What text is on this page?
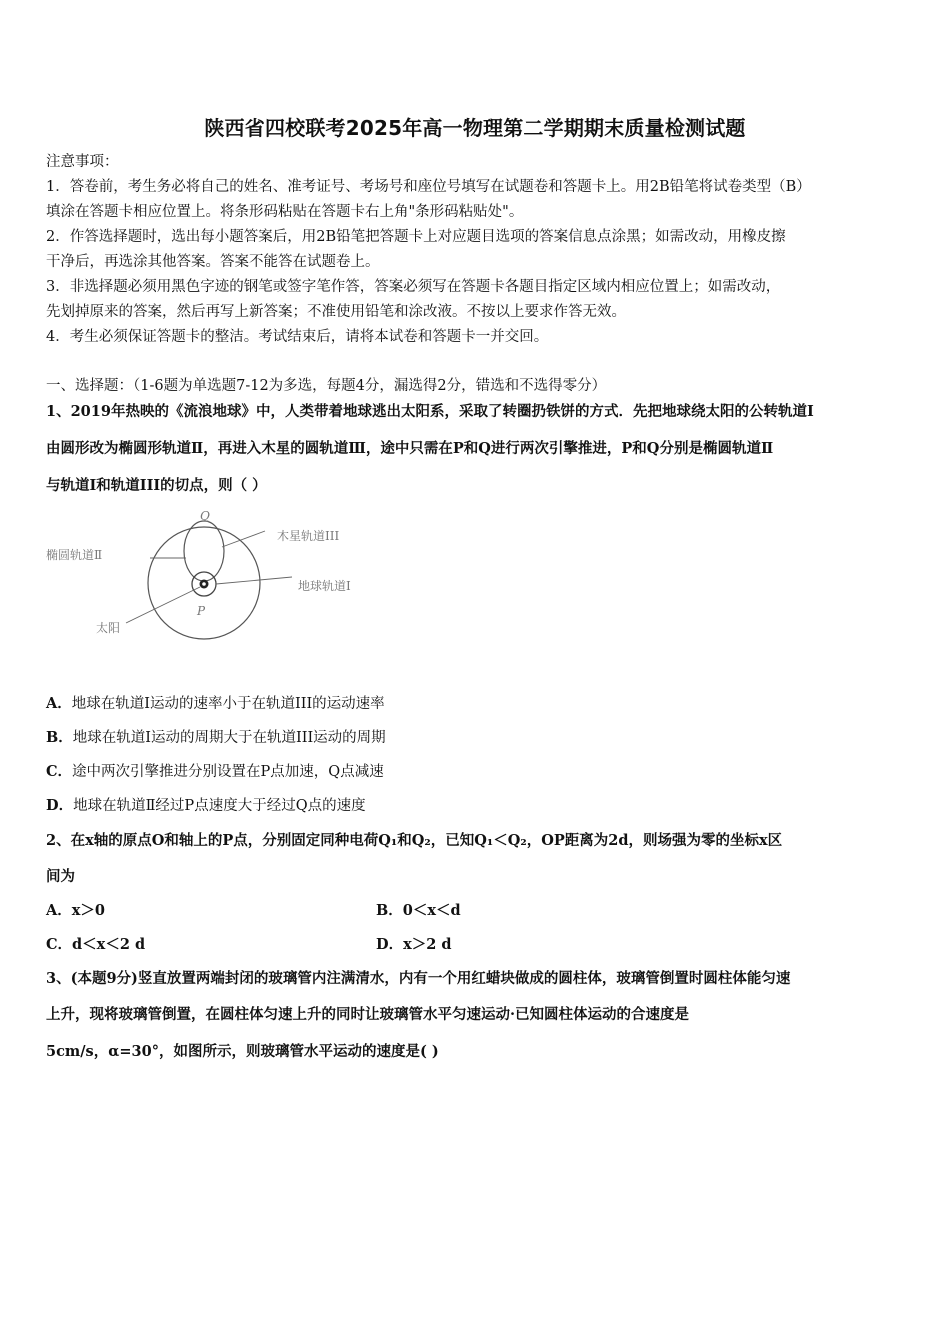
陕西省四校联考2025年高一物理第二学期期末质量检测试题
注意事项：
1．答卷前，考生务必将自己的姓名、准考证号、考场号和座位号填写在试题卷和答题卡上。用2B铅笔将试卷类型（B）
填涂在答题卡相应位置上。将条形码粘贴在答题卡右上角"条形码粘贴处"。
2．作答选择题时，选出每小题答案后，用2B铅笔把答题卡上对应题目选项的答案信息点涂黑；如需改动，用橡皮擦
干净后，再选涂其他答案。答案不能答在试题卷上。
3．非选择题必须用黑色字迹的钢笔或签字笔作答，答案必须写在答题卡各题目指定区域内相应位置上；如需改动，
先划掉原来的答案，然后再写上新答案；不准使用铅笔和涂改液。不按以上要求作答无效。
4．考生必须保证答题卡的整洁。考试结束后，请将本试卷和答题卡一并交回。
一、选择题：（1-6题为单选题7-12为多选，每题4分，漏选得2分，错选和不选得零分）
1、2019年热映的《流浪地球》中，人类带着地球逃出太阳系，采取了转圈扔铁饼的方式．先把地球绕太阳的公转轨道I
由圆形改为椭圆形轨道Ⅱ，再进入木星的圆轨道Ⅲ，途中只需在P和Q进行两次引擎推进，P和Q分别是椭圆轨道Ⅱ
与轨道I和轨道III的切点，则（ ）
Q
P
木星轨道III
椭圆轨道Ⅱ
地球轨道Ⅰ
太阳
A．地球在轨道I运动的速率小于在轨道III的运动速率
B．地球在轨道I运动的周期大于在轨道III运动的周期
C．途中两次引擎推进分别设置在P点加速，Q点减速
D．地球在轨道Ⅱ经过P点速度大于经过Q点的速度
2、在x轴的原点O和轴上的P点，分别固定同种电荷Q₁和Q₂，已知Q₁＜Q₂，OP距离为2d，则场强为零的坐标x区
间为
A．x＞0	B．0＜x＜d
C．d＜x＜2 d	D．x＞2 d
3、(本题9分)竖直放置两端封闭的玻璃管内注满清水，内有一个用红蜡块做成的圆柱体，玻璃管倒置时圆柱体能匀速
上升，现将玻璃管倒置，在圆柱体匀速上升的同时让玻璃管水平匀速运动·已知圆柱体运动的合速度是
5cm/s，α=30°，如图所示，则玻璃管水平运动的速度是( )
